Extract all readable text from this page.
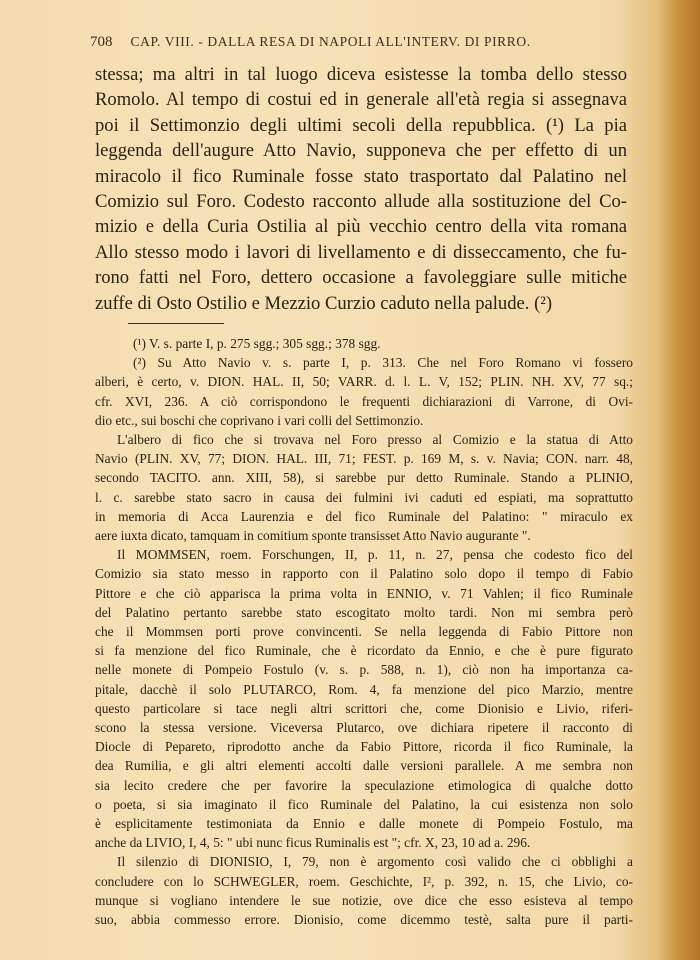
708 CAP. VIII. - DALLA RESA DI NAPOLI ALL'INTERV. DI PIRRO.
stessa; ma altri in tal luogo diceva esistesse la tomba dello stesso
Romolo. Al tempo di costui ed in generale all'età regia si assegnava
poi il Settimonzio degli ultimi secoli della repubblica. (¹) La pia
leggenda dell'augure Atto Navio, supponeva che per effetto di un
miracolo il fico Ruminale fosse stato trasportato dal Palatino nel
Comizio sul Foro. Codesto racconto allude alla sostituzione del Co-
mizio e della Curia Ostilia al più vecchio centro della vita romana
Allo stesso modo i lavori di livellamento e di disseccamento, che fu-
rono fatti nel Foro, dettero occasione a favoleggiare sulle mitiche
zuffe di Osto Ostilio e Mezzio Curzio caduto nella palude. (²)
(¹) V. s. parte I, p. 275 sgg.; 305 sgg.; 378 sgg.
(²) Su Atto Navio v. s. parte I, p. 313. Che nel Foro Romano vi fossero
alberi, è certo, v. DION. HAL. II, 50; VARR. d. l. L. V, 152; PLIN. NH. XV, 77 sq.;
cfr. XVI, 236. A ciò corrispondono le frequenti dichiarazioni di Varrone, di Ovi-
dio etc., sui boschi che coprivano i vari colli del Settimonzio.
L'albero di fico che si trovava nel Foro presso al Comizio e la statua di Atto
Navio (PLIN. XV, 77; DION. HAL. III, 71; FEST. p. 169 M, s. v. Navia; CON. narr. 48,
secondo TACITO. ann. XIII, 58), si sarebbe pur detto Ruminale. Stando a PLINIO,
l. c. sarebbe stato sacro in causa dei fulmini ivi caduti ed espiati, ma soprattutto
in memoria di Acca Laurenzia e del fico Ruminale del Palatino: " miraculo ex
aere iuxta dicato, tamquam in comitium sponte transisset Atto Navio augurante ".
Il MOMMSEN, roem. Forschungen, II, p. 11, n. 27, pensa che codesto fico del
Comizio sia stato messo in rapporto con il Palatino solo dopo il tempo di Fabio
Pittore e che ciò apparisca la prima volta in ENNIO, v. 71 Vahlen; il fico Ruminale
del Palatino pertanto sarebbe stato escogitato molto tardi. Non mi sembra però
che il Mommsen porti prove convincenti. Se nella leggenda di Fabio Pittore non
si fa menzione del fico Ruminale, che è ricordato da Ennio, e che è pure figurato
nelle monete di Pompeio Fostulo (v. s. p. 588, n. 1), ciò non ha importanza ca-
pitale, dacchè il solo PLUTARCO, Rom. 4, fa menzione del pico Marzio, mentre
questo particolare si tace negli altri scrittori che, come Dionisio e Livio, riferi-
scono la stessa versione. Viceversa Plutarco, ove dichiara ripetere il racconto di
Diocle di Pepareto, riprodotto anche da Fabio Pittore, ricorda il fico Ruminale, la
dea Rumilia, e gli altri elementi accolti dalle versioni parallele. A me sembra non
sia lecito credere che per favorire la speculazione etimologica di qualche dotto
o poeta, si sia imaginato il fico Ruminale del Palatino, la cui esistenza non solo
è esplicitamente testimoniata da Ennio e dalle monete di Pompeio Fostulo, ma
anche da LIVIO, I, 4, 5: " ubi nunc ficus Ruminalis est "; cfr. X, 23, 10 ad a. 296.
Il silenzio di DIONISIO, I, 79, non è argomento così valido che ci obblighi a
concludere con lo SCHWEGLER, roem. Geschichte, I², p. 392, n. 15, che Livio, co-
munque si vogliano intendere le sue notizie, ove dice che esso esisteva al tempo
suo, abbia commesso errore. Dionisio, come dicemmo testè, salta pure il parti-
